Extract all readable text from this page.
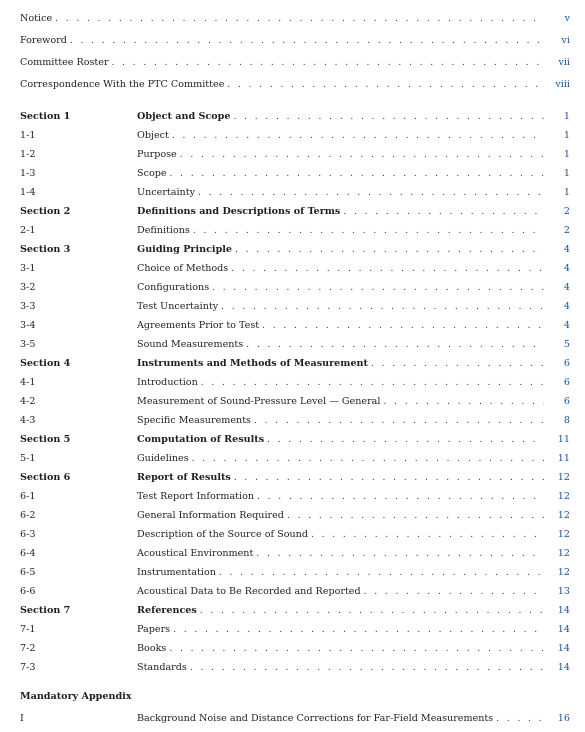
Notice . . .	v
Foreword . . .	vi
Committee Roster . . .	vii
Correspondence With the PTC Committee . . .	viii
Section 1	Object and Scope . . .	1
1-1	Object . . .	1
1-2	Purpose . . .	1
1-3	Scope . . .	1
1-4	Uncertainty . . .	1
Section 2	Definitions and Descriptions of Terms . . .	2
2-1	Definitions . . .	2
Section 3	Guiding Principle . . .	4
3-1	Choice of Methods . . .	4
3-2	Configurations . . .	4
3-3	Test Uncertainty . . .	4
3-4	Agreements Prior to Test . . .	4
3-5	Sound Measurements . . .	5
Section 4	Instruments and Methods of Measurement . . .	6
4-1	Introduction . . .	6
4-2	Measurement of Sound-Pressure Level — General . . .	6
4-3	Specific Measurements . . .	8
Section 5	Computation of Results . . .	11
5-1	Guidelines . . .	11
Section 6	Report of Results . . .	12
6-1	Test Report Information . . .	12
6-2	General Information Required . . .	12
6-3	Description of the Source of Sound . . .	12
6-4	Acoustical Environment . . .	12
6-5	Instrumentation . . .	12
6-6	Acoustical Data to Be Recorded and Reported . . .	13
Section 7	References . . .	14
7-1	Papers . . .	14
7-2	Books . . .	14
7-3	Standards . . .	14
Mandatory Appendix
I	Background Noise and Distance Corrections for Far-Field Measurements . . .	16
